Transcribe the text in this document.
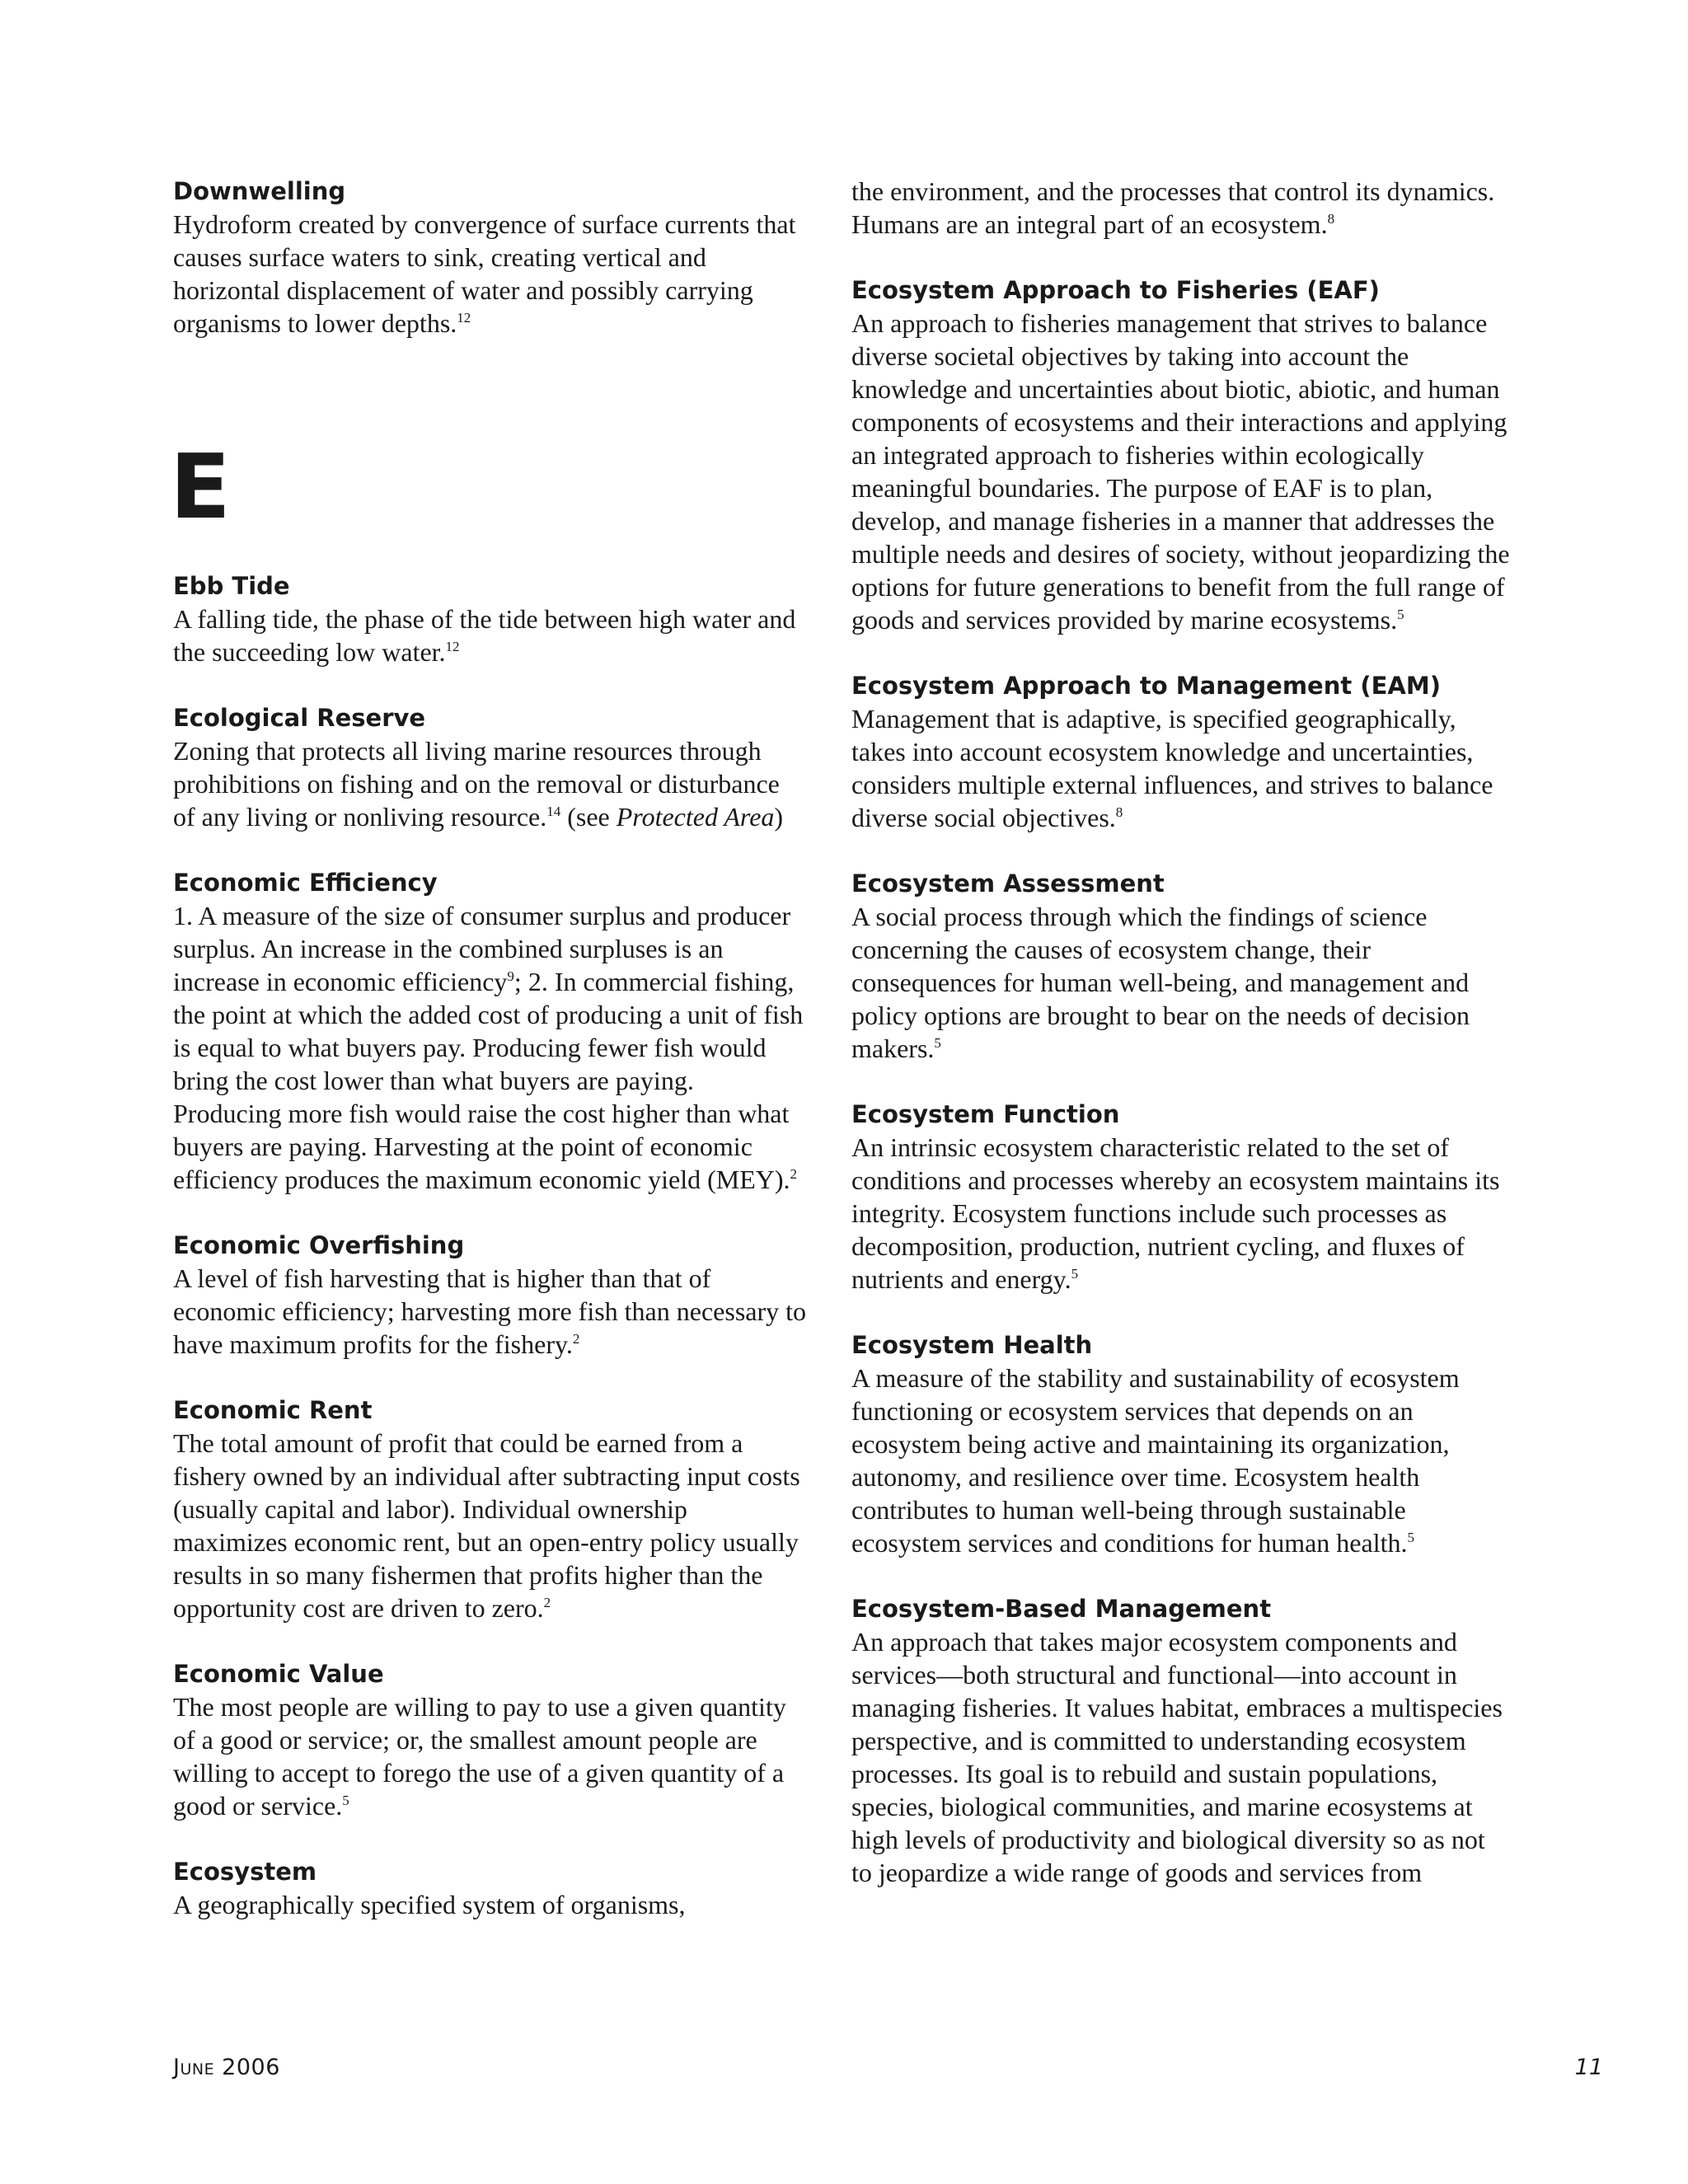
Downwelling
Hydroform created by convergence of surface currents that causes surface waters to sink, creating vertical and horizontal displacement of water and possibly carrying organisms to lower depths.$^{12}$
E
Ebb Tide
A falling tide, the phase of the tide between high water and the succeeding low water.$^{12}$
Ecological Reserve
Zoning that protects all living marine resources through prohibitions on fishing and on the removal or disturbance of any living or nonliving resource.$^{14}$ (see Protected Area)
Economic Efficiency
1. A measure of the size of consumer surplus and producer surplus. An increase in the combined surpluses is an increase in economic efficiency$^9$; 2. In commercial fishing, the point at which the added cost of producing a unit of fish is equal to what buyers pay. Producing fewer fish would bring the cost lower than what buyers are paying. Producing more fish would raise the cost higher than what buyers are paying. Harvesting at the point of economic efficiency produces the maximum economic yield (MEY).$^2$
Economic Overfishing
A level of fish harvesting that is higher than that of economic efficiency; harvesting more fish than necessary to have maximum profits for the fishery.$^2$
Economic Rent
The total amount of profit that could be earned from a fishery owned by an individual after subtracting input costs (usually capital and labor). Individual ownership maximizes economic rent, but an open-entry policy usually results in so many fishermen that profits higher than the opportunity cost are driven to zero.$^2$
Economic Value
The most people are willing to pay to use a given quantity of a good or service; or, the smallest amount people are willing to accept to forego the use of a given quantity of a good or service.$^5$
Ecosystem
A geographically specified system of organisms,
the environment, and the processes that control its dynamics. Humans are an integral part of an ecosystem.$^8$
Ecosystem Approach to Fisheries (EAF)
An approach to fisheries management that strives to balance diverse societal objectives by taking into account the knowledge and uncertainties about biotic, abiotic, and human components of ecosystems and their interactions and applying an integrated approach to fisheries within ecologically meaningful boundaries. The purpose of EAF is to plan, develop, and manage fisheries in a manner that addresses the multiple needs and desires of society, without jeopardizing the options for future generations to benefit from the full range of goods and services provided by marine ecosystems.$^5$
Ecosystem Approach to Management (EAM)
Management that is adaptive, is specified geographically, takes into account ecosystem knowledge and uncertainties, considers multiple external influences, and strives to balance diverse social objectives.$^8$
Ecosystem Assessment
A social process through which the findings of science concerning the causes of ecosystem change, their consequences for human well-being, and management and policy options are brought to bear on the needs of decision makers.$^5$
Ecosystem Function
An intrinsic ecosystem characteristic related to the set of conditions and processes whereby an ecosystem maintains its integrity. Ecosystem functions include such processes as decomposition, production, nutrient cycling, and fluxes of nutrients and energy.$^5$
Ecosystem Health
A measure of the stability and sustainability of ecosystem functioning or ecosystem services that depends on an ecosystem being active and maintaining its organization, autonomy, and resilience over time. Ecosystem health contributes to human well-being through sustainable ecosystem services and conditions for human health.$^5$
Ecosystem-Based Management
An approach that takes major ecosystem components and services—both structural and functional—into account in managing fisheries. It values habitat, embraces a multispecies perspective, and is committed to understanding ecosystem processes. Its goal is to rebuild and sustain populations, species, biological communities, and marine ecosystems at high levels of productivity and biological diversity so as not to jeopardize a wide range of goods and services from
June 2006	11
